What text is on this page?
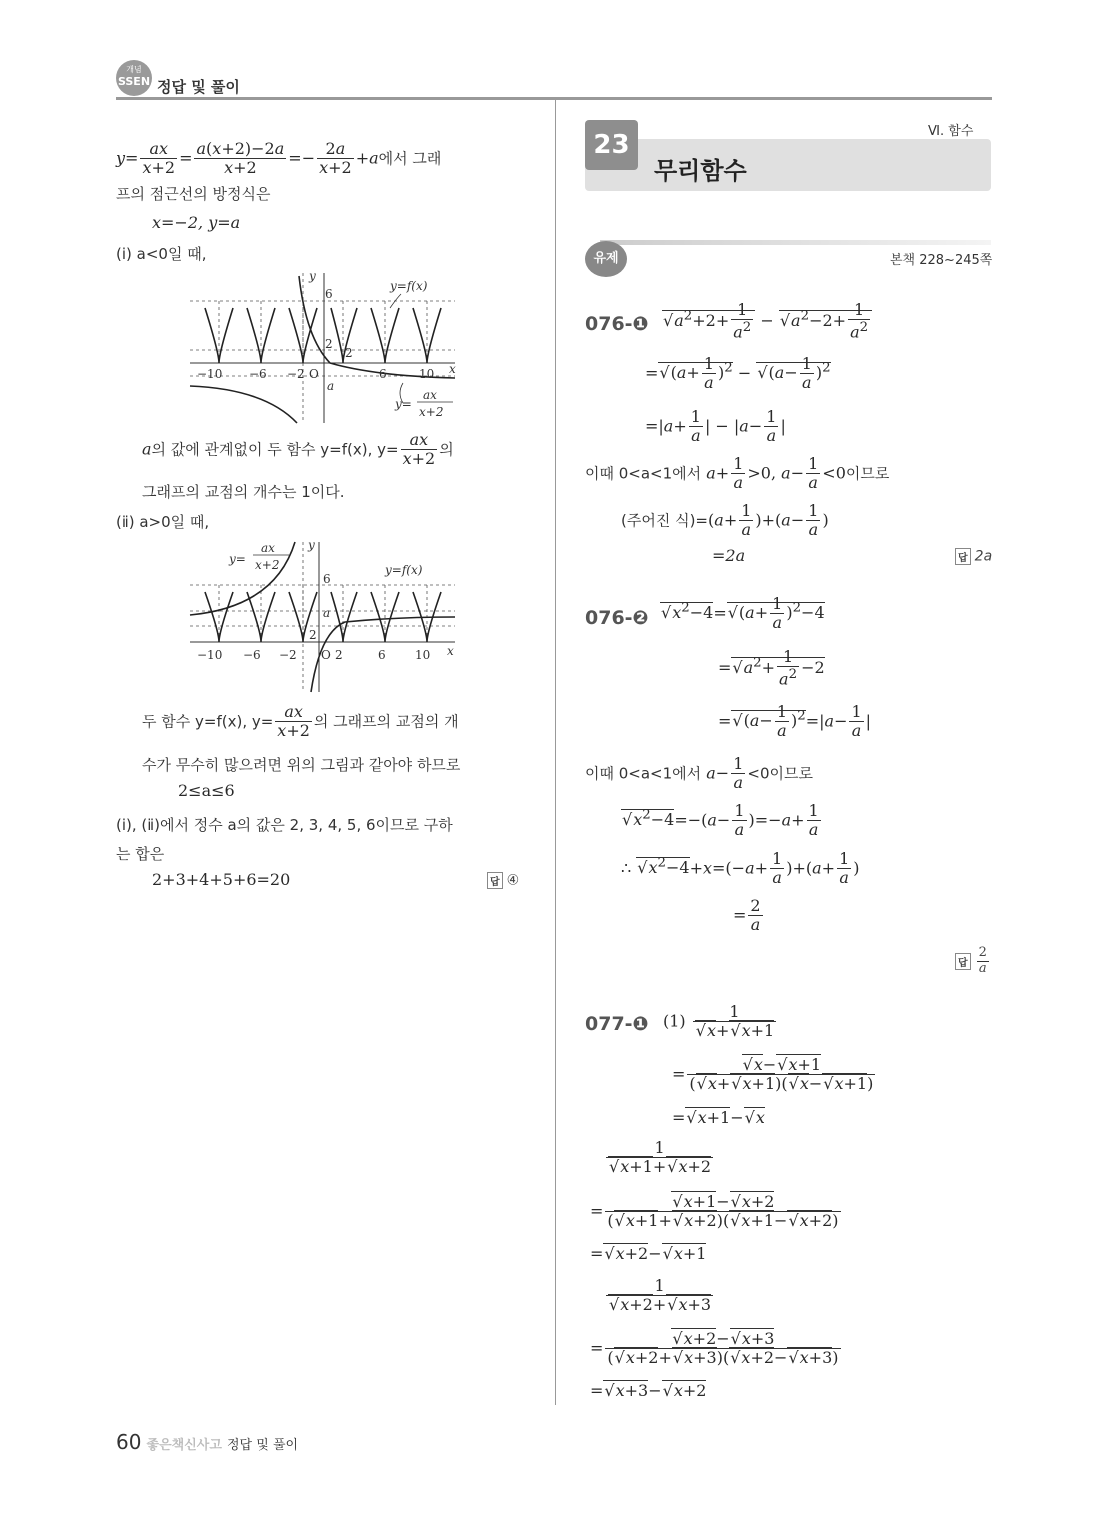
개념
SSEN 정답 및 풀이
$y= \frac{ax}{x+2} = \frac{a(x+2)-2a}{x+2} =- \frac{2a}{x+2} +a$에서 그래
프의 점근선의 방정식은
x=−2, y=a
(ⅰ) a<0일 때,
−10 −6 −2 O	6	10 x
y
6
2
2
a
y=f(x)
y=
ax
x+2
a의 값에 관계없이 두 함수 y=f(x), $y= \frac{ax}{x+2}$ 의
그래프의 교점의 개수는 1이다.
(ⅱ) a>0일 때,
−10 −6 −2 O 2	6 10 x
y
6
2
a
y=f(x)
y=
ax
x+2
두 함수 y=f(x), $y= \frac{ax}{x+2}$ 의 그래프의 교점의 개
수가 무수히 많으려면 위의 그림과 같아야 하므로
2≤a≤6
(ⅰ), (ⅱ)에서 정수 a의 값은 2, 3, 4, 5, 6이므로 구하
는 합은
2+3+4+5+6=20	답 ④
Ⅵ. 함수
23
무리함수
유제	본책 228~245쪽
076-❶
√	$a^2+2+ \frac{1}{a^2}$ − √ $a^2-2+ \frac{1}{a^2}$
=√ $(a+ \frac{1}{a} )^2$ − √ $(a- \frac{1}{a} )^2$
$=|a+ \frac{1}{a}$ | − $|a- \frac{1}{a}$ |
이때 0<a<1에서 $a+ \frac{1}{a} >0$, $a- \frac{1}{a} <0$이므로
(주어진 식)$=(a+ \frac{1}{a} )+(a- \frac{1}{a}$ )
=2a	답 2a
076-❷
√	$x^2-4=√$ $(a+ \frac{1}{a} )^2-4$
=√ $a^2+ \frac{1}{a^2} -2$
=√ $(a- \frac{1}{a} )^2=|a- \frac{1}{a}$ |
이때 0<a<1에서 $a- \frac{1}{a} <0$이므로
√ $x^2-4=-(a- \frac{1}{a} )=-a+ \frac{1}{a}$
∴ √ $x^2-4+x=(-a+ \frac{1}{a} )+(a+ \frac{1}{a}$ )
= $\frac{2}{a}$
답 $\frac{2}{a}$
077-❶ (1) 1
√ x+√ x+1
=
√ $\frac{x-√ x+1}{(√ x+√ x+1)(√ x-√ x+1)}$
=√ x+1−√ x
1
√ x+1+√ x+2
=
√ $\frac{x+1-√ x+2}{(√ x+1+√ x+2)(√ x+1-√ x+2)}$
=√ x+2−√ x+1
1
√ x+2+√ x+3
=
√ $\frac{x+2-√ x+3}{(√ x+2+√ x+3)(√ x+2-√ x+3)}$
=√ x+3−√ x+2
60 좋은책신사고 정답 및 풀이
